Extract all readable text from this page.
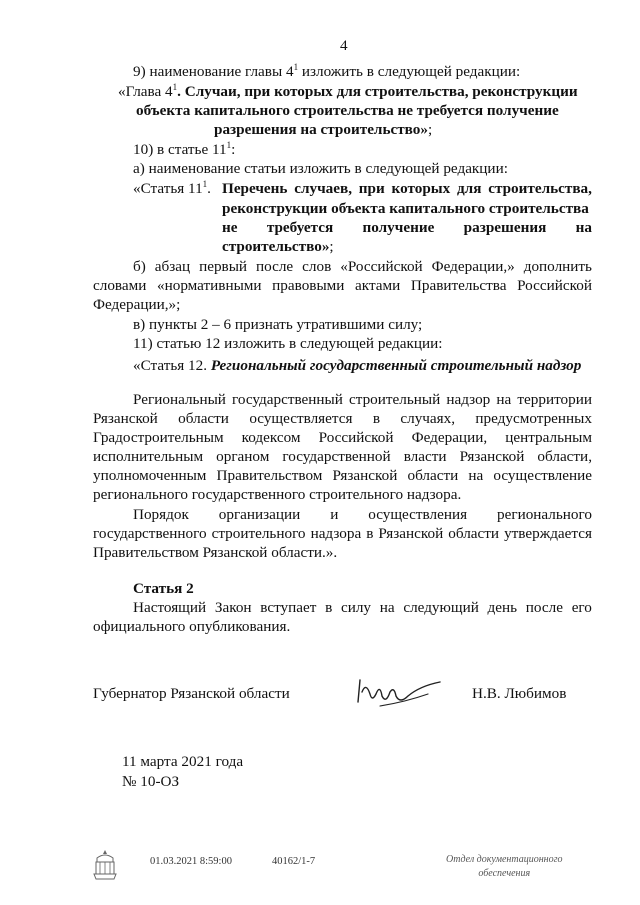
4
9) наименование главы $4^1$ изложить в следующей редакции:
«Глава $4^1$. Случаи, при которых для строительства, реконструкции
объекта капитального строительства не требуется получение
разрешения на строительство»;
10) в статье $11^1$:
а) наименование статьи изложить в следующей редакции:
«Статья $11^1$. Перечень случаев, при которых для строительства,
реконструкции объекта капитального строительства
не требуется получение разрешения на
строительство»;
б) абзац первый после слов «Российской Федерации,» дополнить
словами «нормативными правовыми актами Правительства Российской
Федерации,»;
в) пункты 2 – 6 признать утратившими силу;
11) статью 12 изложить в следующей редакции:
«Статья 12. Региональный государственный строительный надзор
Региональный государственный строительный надзор на территории
Рязанской области осуществляется в случаях, предусмотренных
Градостроительным кодексом Российской Федерации, центральным
исполнительным органом государственной власти Рязанской области,
уполномоченным Правительством Рязанской области на осуществление
регионального государственного строительного надзора.
Порядок организации и осуществления регионального
государственного строительного надзора в Рязанской области утверждается
Правительством Рязанской области.».
Статья 2
Настоящий Закон вступает в силу на следующий день после его
официального опубликования.
Губернатор Рязанской области	Н.В. Любимов
11 марта 2021 года
№ 10-ОЗ
01.03.2021 8:59:00	40162/1-7	Отдел документационного
обеспечения
